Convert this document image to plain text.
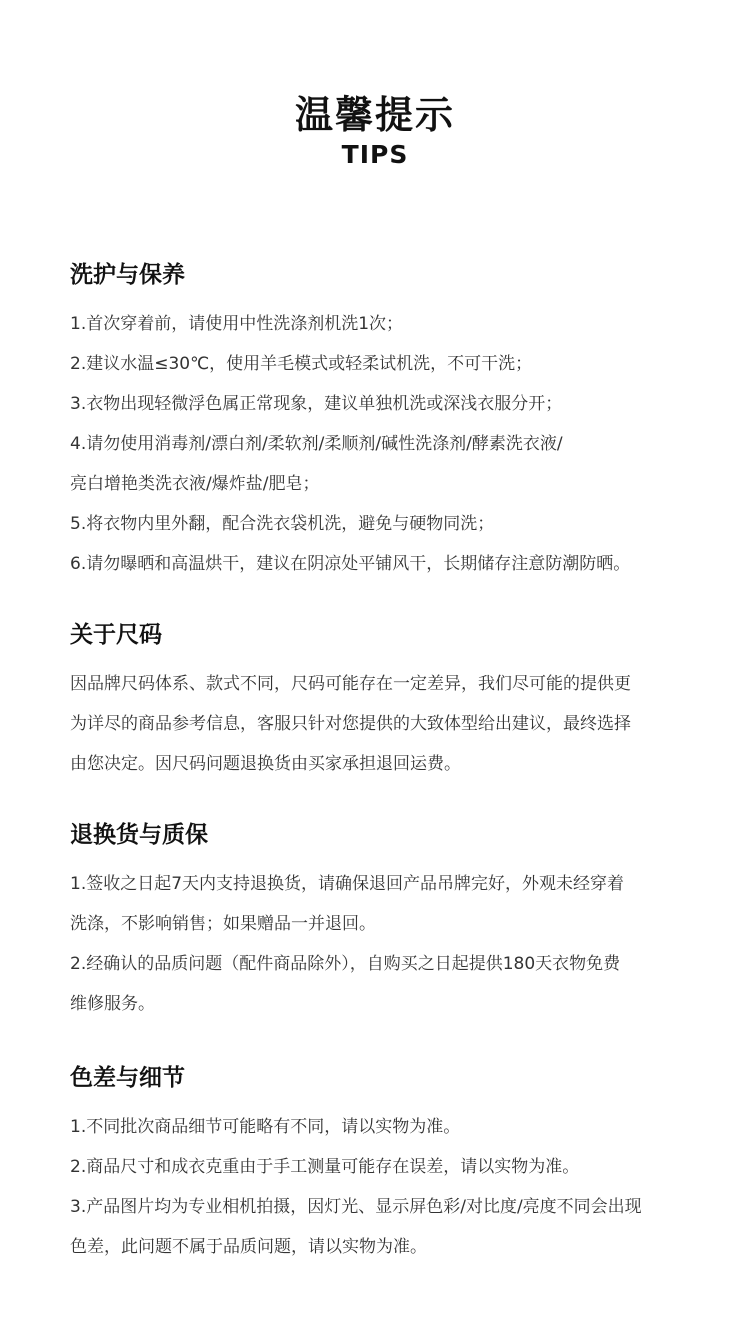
温馨提示
TIPS
洗护与保养
1.首次穿着前，请使用中性洗涤剂机洗1次；
2.建议水温≤30℃，使用羊毛模式或轻柔试机洗，不可干洗；
3.衣物出现轻微浮色属正常现象，建议单独机洗或深浅衣服分开；
4.请勿使用消毒剂/漂白剂/柔软剂/柔顺剂/碱性洗涤剂/酵素洗衣液/
亮白增艳类洗衣液/爆炸盐/肥皂；
5.将衣物内里外翻，配合洗衣袋机洗，避免与硬物同洗；
6.请勿曝晒和高温烘干，建议在阴凉处平铺风干，长期储存注意防潮防晒。
关于尺码
因品牌尺码体系、款式不同，尺码可能存在一定差异，我们尽可能的提供更
为详尽的商品参考信息，客服只针对您提供的大致体型给出建议，最终选择
由您决定。因尺码问题退换货由买家承担退回运费。
退换货与质保
1.签收之日起7天内支持退换货，请确保退回产品吊牌完好，外观未经穿着
洗涤，不影响销售；如果赠品一并退回。
2.经确认的品质问题（配件商品除外），自购买之日起提供180天衣物免费
维修服务。
色差与细节
1.不同批次商品细节可能略有不同，请以实物为准。
2.商品尺寸和成衣克重由于手工测量可能存在误差，请以实物为准。
3.产品图片均为专业相机拍摄，因灯光、显示屏色彩/对比度/亮度不同会出现
色差，此问题不属于品质问题，请以实物为准。
